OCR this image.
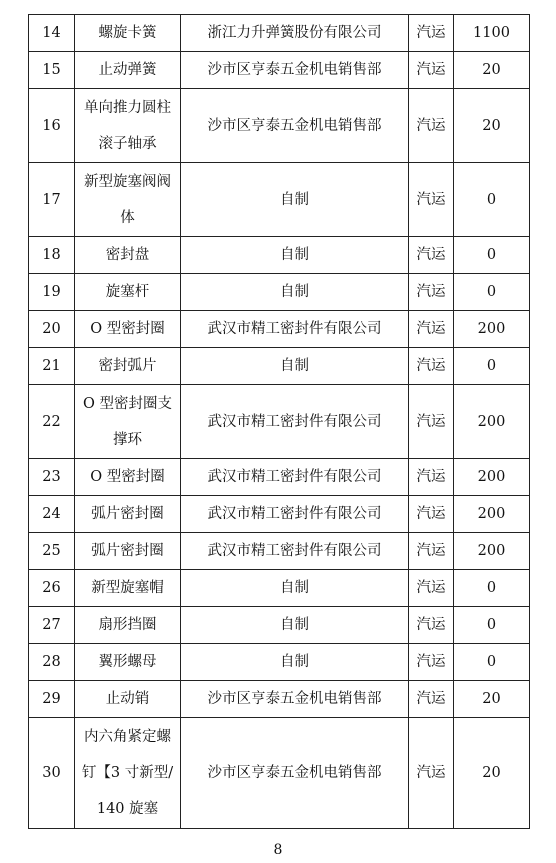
14	螺旋卡簧	浙江力升弹簧股份有限公司	汽运	1100
15	止动弹簧	沙市区亨泰五金机电销售部	汽运	20
16	单向推力圆柱滚子轴承	沙市区亨泰五金机电销售部	汽运	20
17	新型旋塞阀阀体	自制	汽运	0
18	密封盘	自制	汽运	0
19	旋塞杆	自制	汽运	0
20	O 型密封圈	武汉市精工密封件有限公司	汽运	200
21	密封弧片	自制	汽运	0
22	O 型密封圈支撑环	武汉市精工密封件有限公司	汽运	200
23	O 型密封圈	武汉市精工密封件有限公司	汽运	200
24	弧片密封圈	武汉市精工密封件有限公司	汽运	200
25	弧片密封圈	武汉市精工密封件有限公司	汽运	200
26	新型旋塞帽	自制	汽运	0
27	扇形挡圈	自制	汽运	0
28	翼形螺母	自制	汽运	0
29	止动销	沙市区亨泰五金机电销售部	汽运	20
30	内六角紧定螺钉【3 寸新型/140 旋塞	沙市区亨泰五金机电销售部	汽运	20
8
